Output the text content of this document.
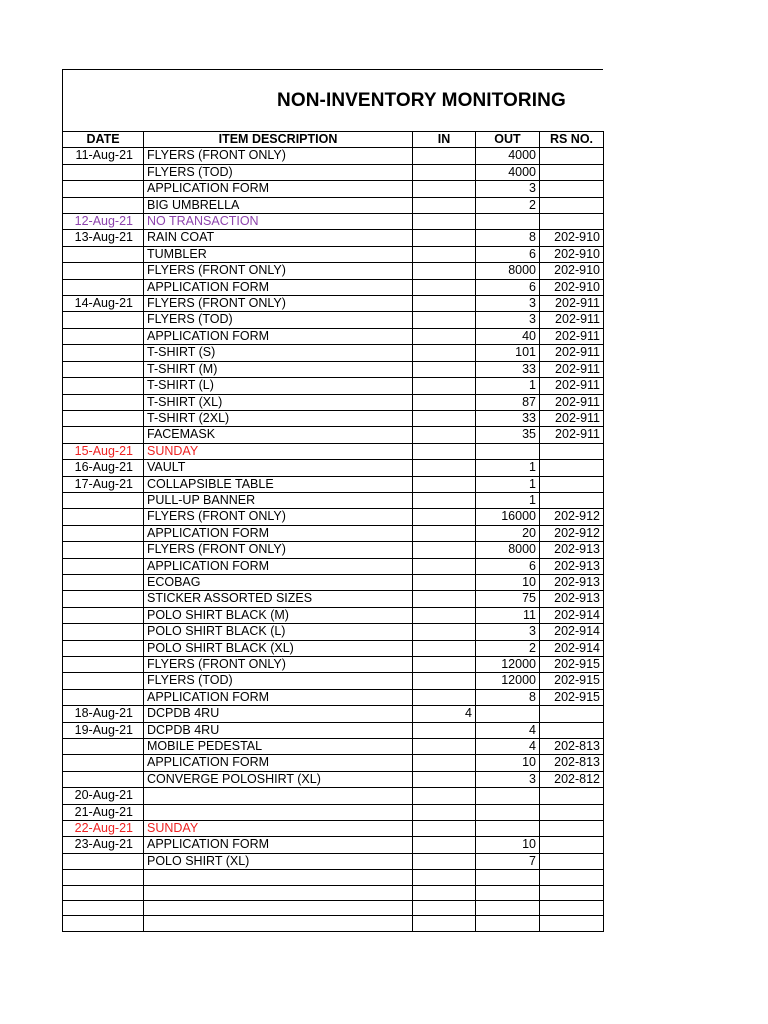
NON-INVENTORY MONITORING
DATE	ITEM DESCRIPTION	IN	OUT	RS NO.
11-Aug-21	FLYERS (FRONT ONLY)		4000	
	FLYERS (TOD)		4000	
	APPLICATION FORM		3	
	BIG UMBRELLA		2	
12-Aug-21	NO TRANSACTION			
13-Aug-21	RAIN COAT		8	202-910
	TUMBLER		6	202-910
	FLYERS (FRONT ONLY)		8000	202-910
	APPLICATION FORM		6	202-910
14-Aug-21	FLYERS (FRONT ONLY)		3	202-911
	FLYERS (TOD)		3	202-911
	APPLICATION FORM		40	202-911
	T-SHIRT (S)		101	202-911
	T-SHIRT (M)		33	202-911
	T-SHIRT (L)		1	202-911
	T-SHIRT (XL)		87	202-911
	T-SHIRT (2XL)		33	202-911
	FACEMASK		35	202-911
15-Aug-21	SUNDAY			
16-Aug-21	VAULT		1	
17-Aug-21	COLLAPSIBLE TABLE		1	
	PULL-UP BANNER		1	
	FLYERS (FRONT ONLY)		16000	202-912
	APPLICATION FORM		20	202-912
	FLYERS (FRONT ONLY)		8000	202-913
	APPLICATION FORM		6	202-913
	ECOBAG		10	202-913
	STICKER ASSORTED SIZES		75	202-913
	POLO SHIRT BLACK (M)		11	202-914
	POLO SHIRT BLACK (L)		3	202-914
	POLO SHIRT BLACK (XL)		2	202-914
	FLYERS (FRONT ONLY)		12000	202-915
	FLYERS (TOD)		12000	202-915
	APPLICATION FORM		8	202-915
18-Aug-21	DCPDB 4RU	4		
19-Aug-21	DCPDB 4RU		4	
	MOBILE PEDESTAL		4	202-813
	APPLICATION FORM		10	202-813
	CONVERGE POLOSHIRT (XL)		3	202-812
20-Aug-21				
21-Aug-21				
22-Aug-21	SUNDAY			
23-Aug-21	APPLICATION FORM		10	
	POLO SHIRT (XL)		7	
